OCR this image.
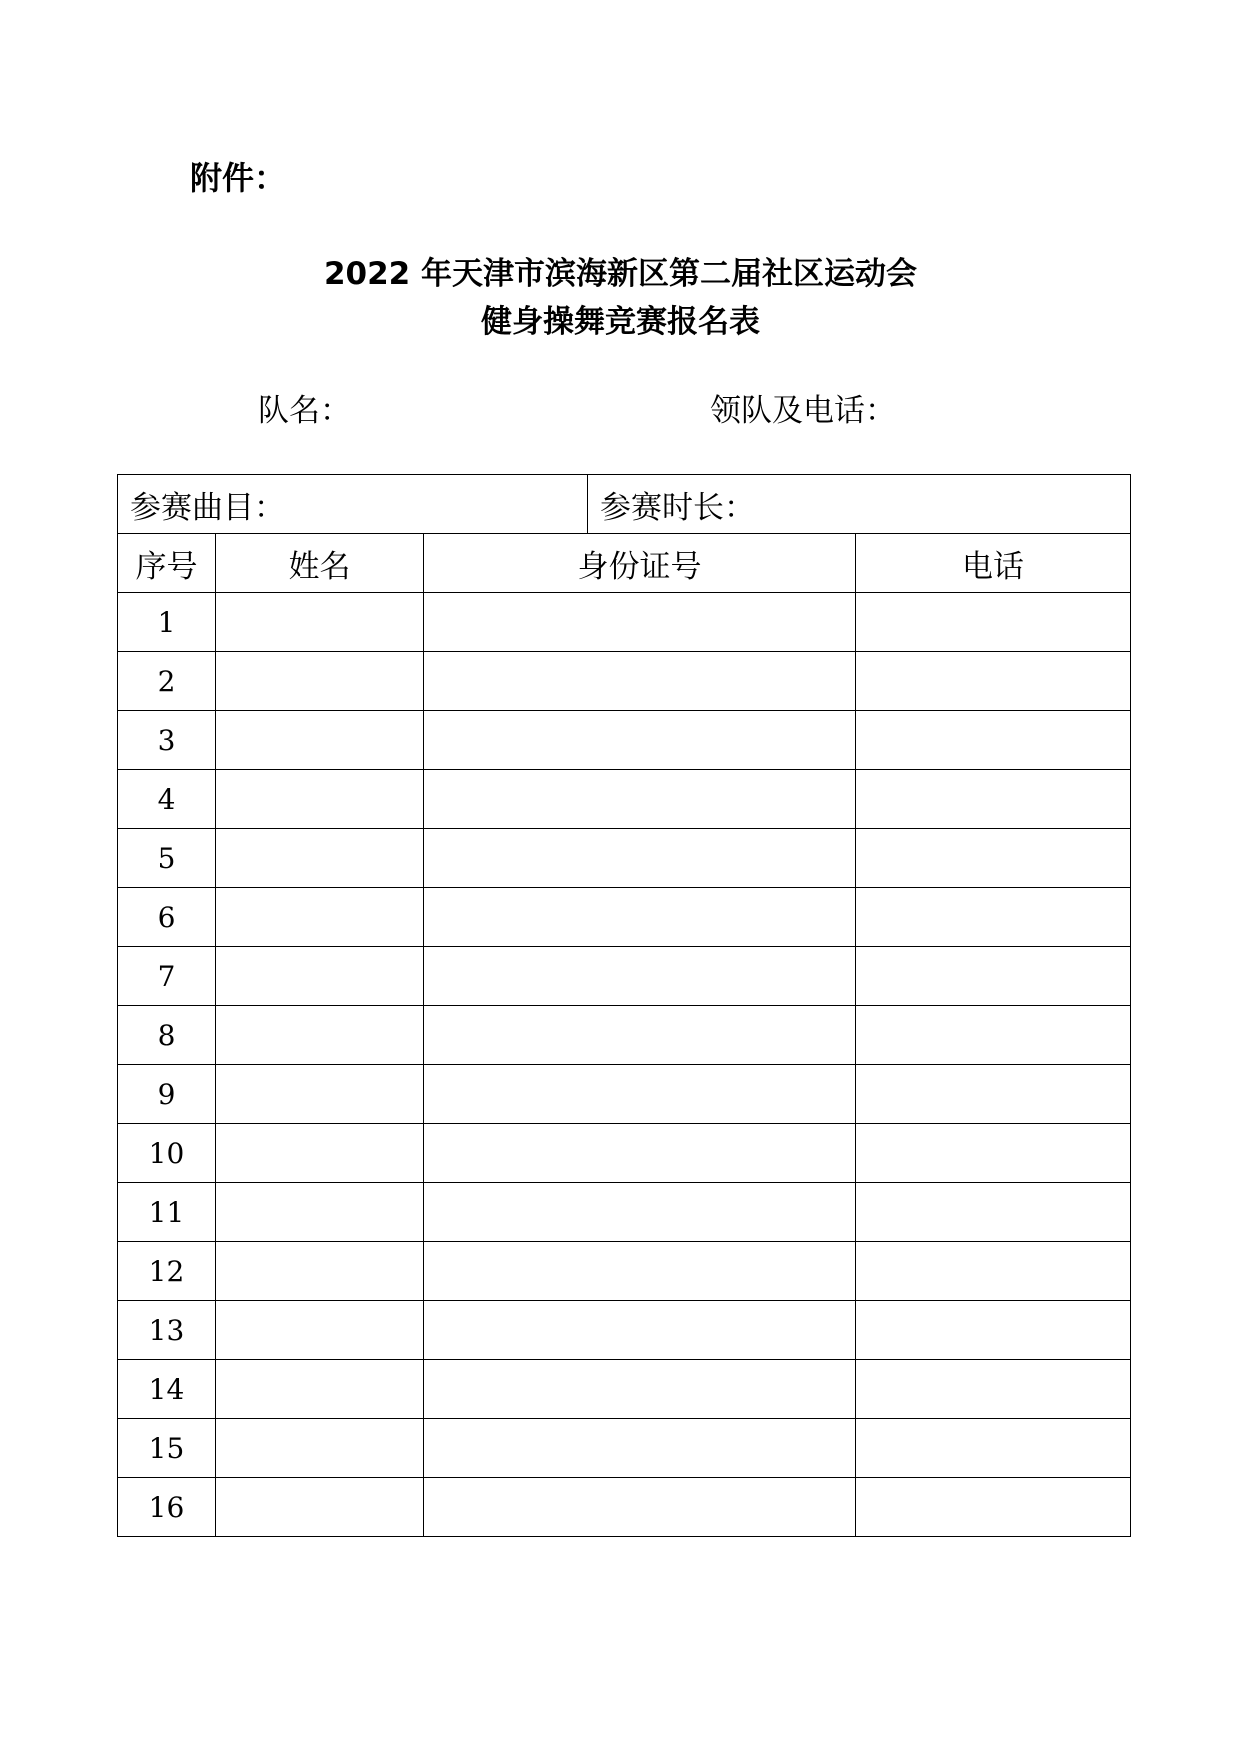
附件：
2022 年天津市滨海新区第二届社区运动会
健身操舞竞赛报名表
队名：	领队及电话：
参赛曲目：			参赛时长：	
序号	姓名	身份证号		电话
1				
2				
3				
4				
5				
6				
7				
8				
9				
10				
11				
12				
13				
14				
15				
16				
